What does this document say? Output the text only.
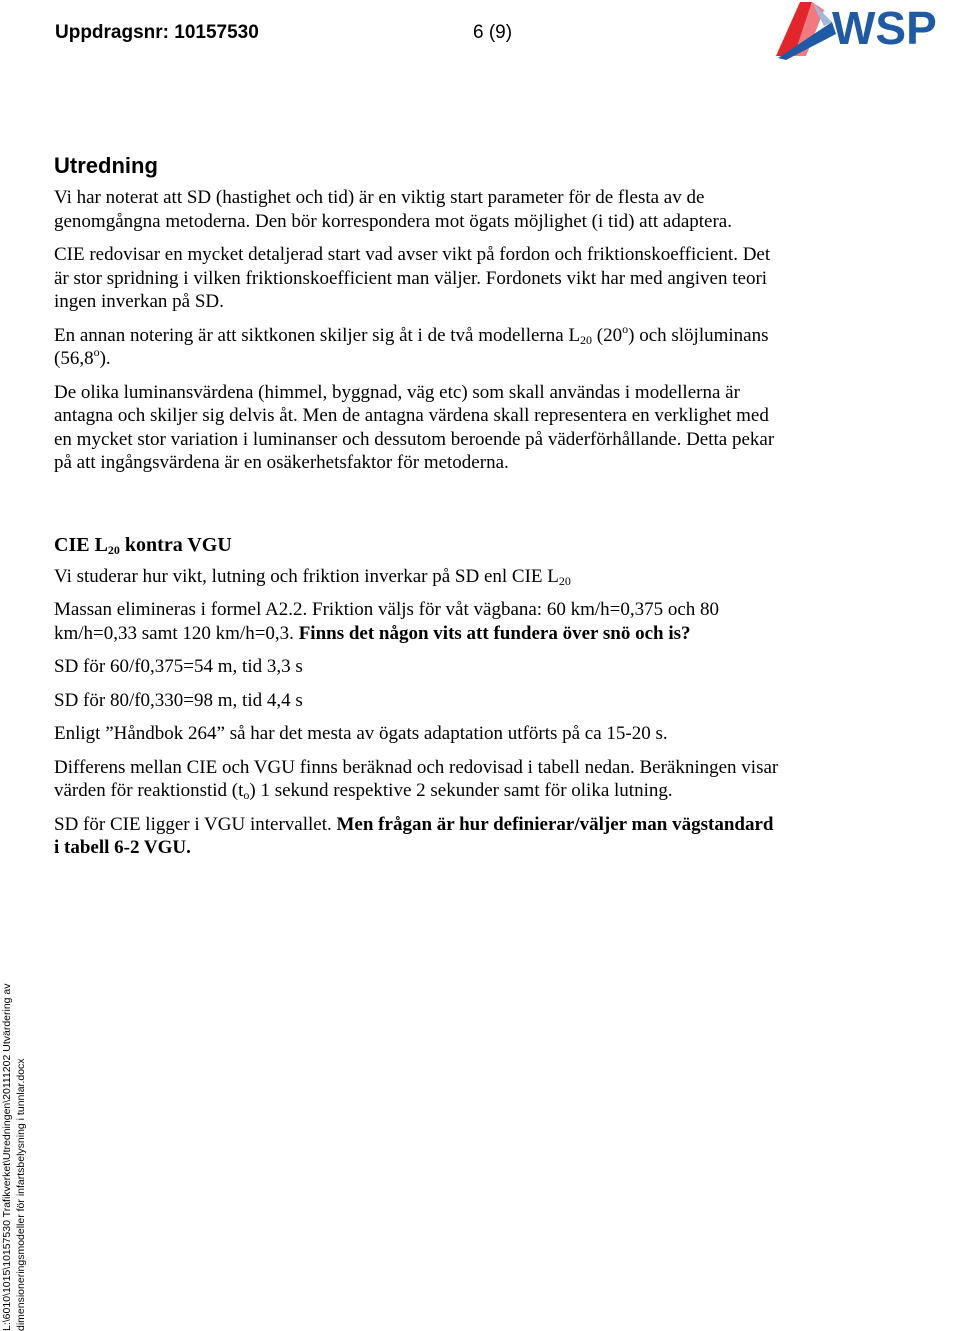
Uppdragsnr: 10157530	6 (9)	WSP
Utredning

Vi har noterat att SD (hastighet och tid) är en viktig start parameter för de flesta av de genomgångna metoderna. Den bör korrespondera mot ögats möjlighet (i tid) att adaptera.

CIE redovisar en mycket detaljerad start vad avser vikt på fordon och friktionskoefficient. Det är stor spridning i vilken friktionskoefficient man väljer. Fordonets vikt har med angiven teori ingen inverkan på SD.

En annan notering är att siktkonen skiljer sig åt i de två modellerna $L_{20}$ (20$^o$) och slöjluminans (56,8$^o$).

De olika luminansvärdena (himmel, byggnad, väg etc) som skall användas i modellerna är antagna och skiljer sig delvis åt. Men de antagna värdena skall representera en verklighet med en mycket stor variation i luminanser och dessutom beroende på väderförhållande. Detta pekar på att ingångsvärdena är en osäkerhetsfaktor för metoderna.

CIE $L_{20}$ kontra VGU

Vi studerar hur vikt, lutning och friktion inverkar på SD enl CIE $L_{20}$

Massan elimineras i formel A2.2. Friktion väljs för våt vägbana: 60 km/h=0,375 och 80 km/h=0,33 samt 120 km/h=0,3. Finns det någon vits att fundera över snö och is?

SD för 60/f0,375=54 m, tid 3,3 s

SD för 80/f0,330=98 m, tid 4,4 s

Enligt ”Håndbok 264” så har det mesta av ögats adaptation utförts på ca 15-20 s.

Differens mellan CIE och VGU finns beräknad och redovisad i tabell nedan. Beräkningen visar värden för reaktionstid $(t_o)$ 1 sekund respektive 2 sekunder samt för olika lutning.

SD för CIE ligger i VGU intervallet. Men frågan är hur definierar/väljer man vägstandard i tabell 6-2 VGU.

L:\6010\1015\10157530 Trafikverket\Utredningen\20111202 Utvärdering av dimensioneringsmodeller för infartsbelysning i tunnlar.docx
